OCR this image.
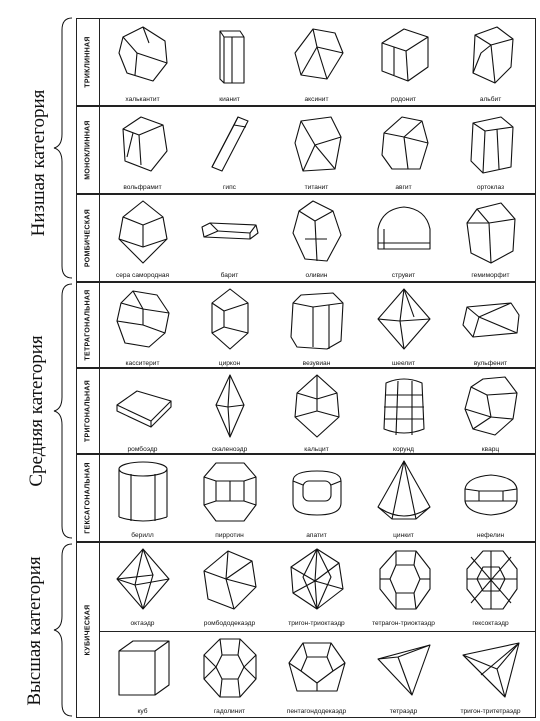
Низшая категория
Средняя категория
Высшая категория
ТРИКЛИННАЯ
халькантит	кианит	аксинит	родонит	альбит
МОНОКЛИННАЯ
вольфрамит	гипс	титанит	авгит	ортоклаз
РОМБИЧЕСКАЯ
сера самородная	барит	оливин	струвит	гемиморфит
ТЕТРАГОНАЛЬНАЯ
касситерит	циркон	везувиан	шеелит	вульфенит
ТРИГОНАЛЬНАЯ
ромбоэдр	скаленоэдр	кальцит	корунд	кварц
ГЕКСАГОНАЛЬНАЯ
берилл	пирротин	апатит	цинкит	нефелин
КУБИЧЕСКАЯ	октаэдр	ромбододекаэдр	тригон-триоктаэдр	тетрагон-триоктаэдр	гексоктаэдр
куб	гадолинит	пентагондодекаэдр	тетраэдр	тригон-тритетраэдр
